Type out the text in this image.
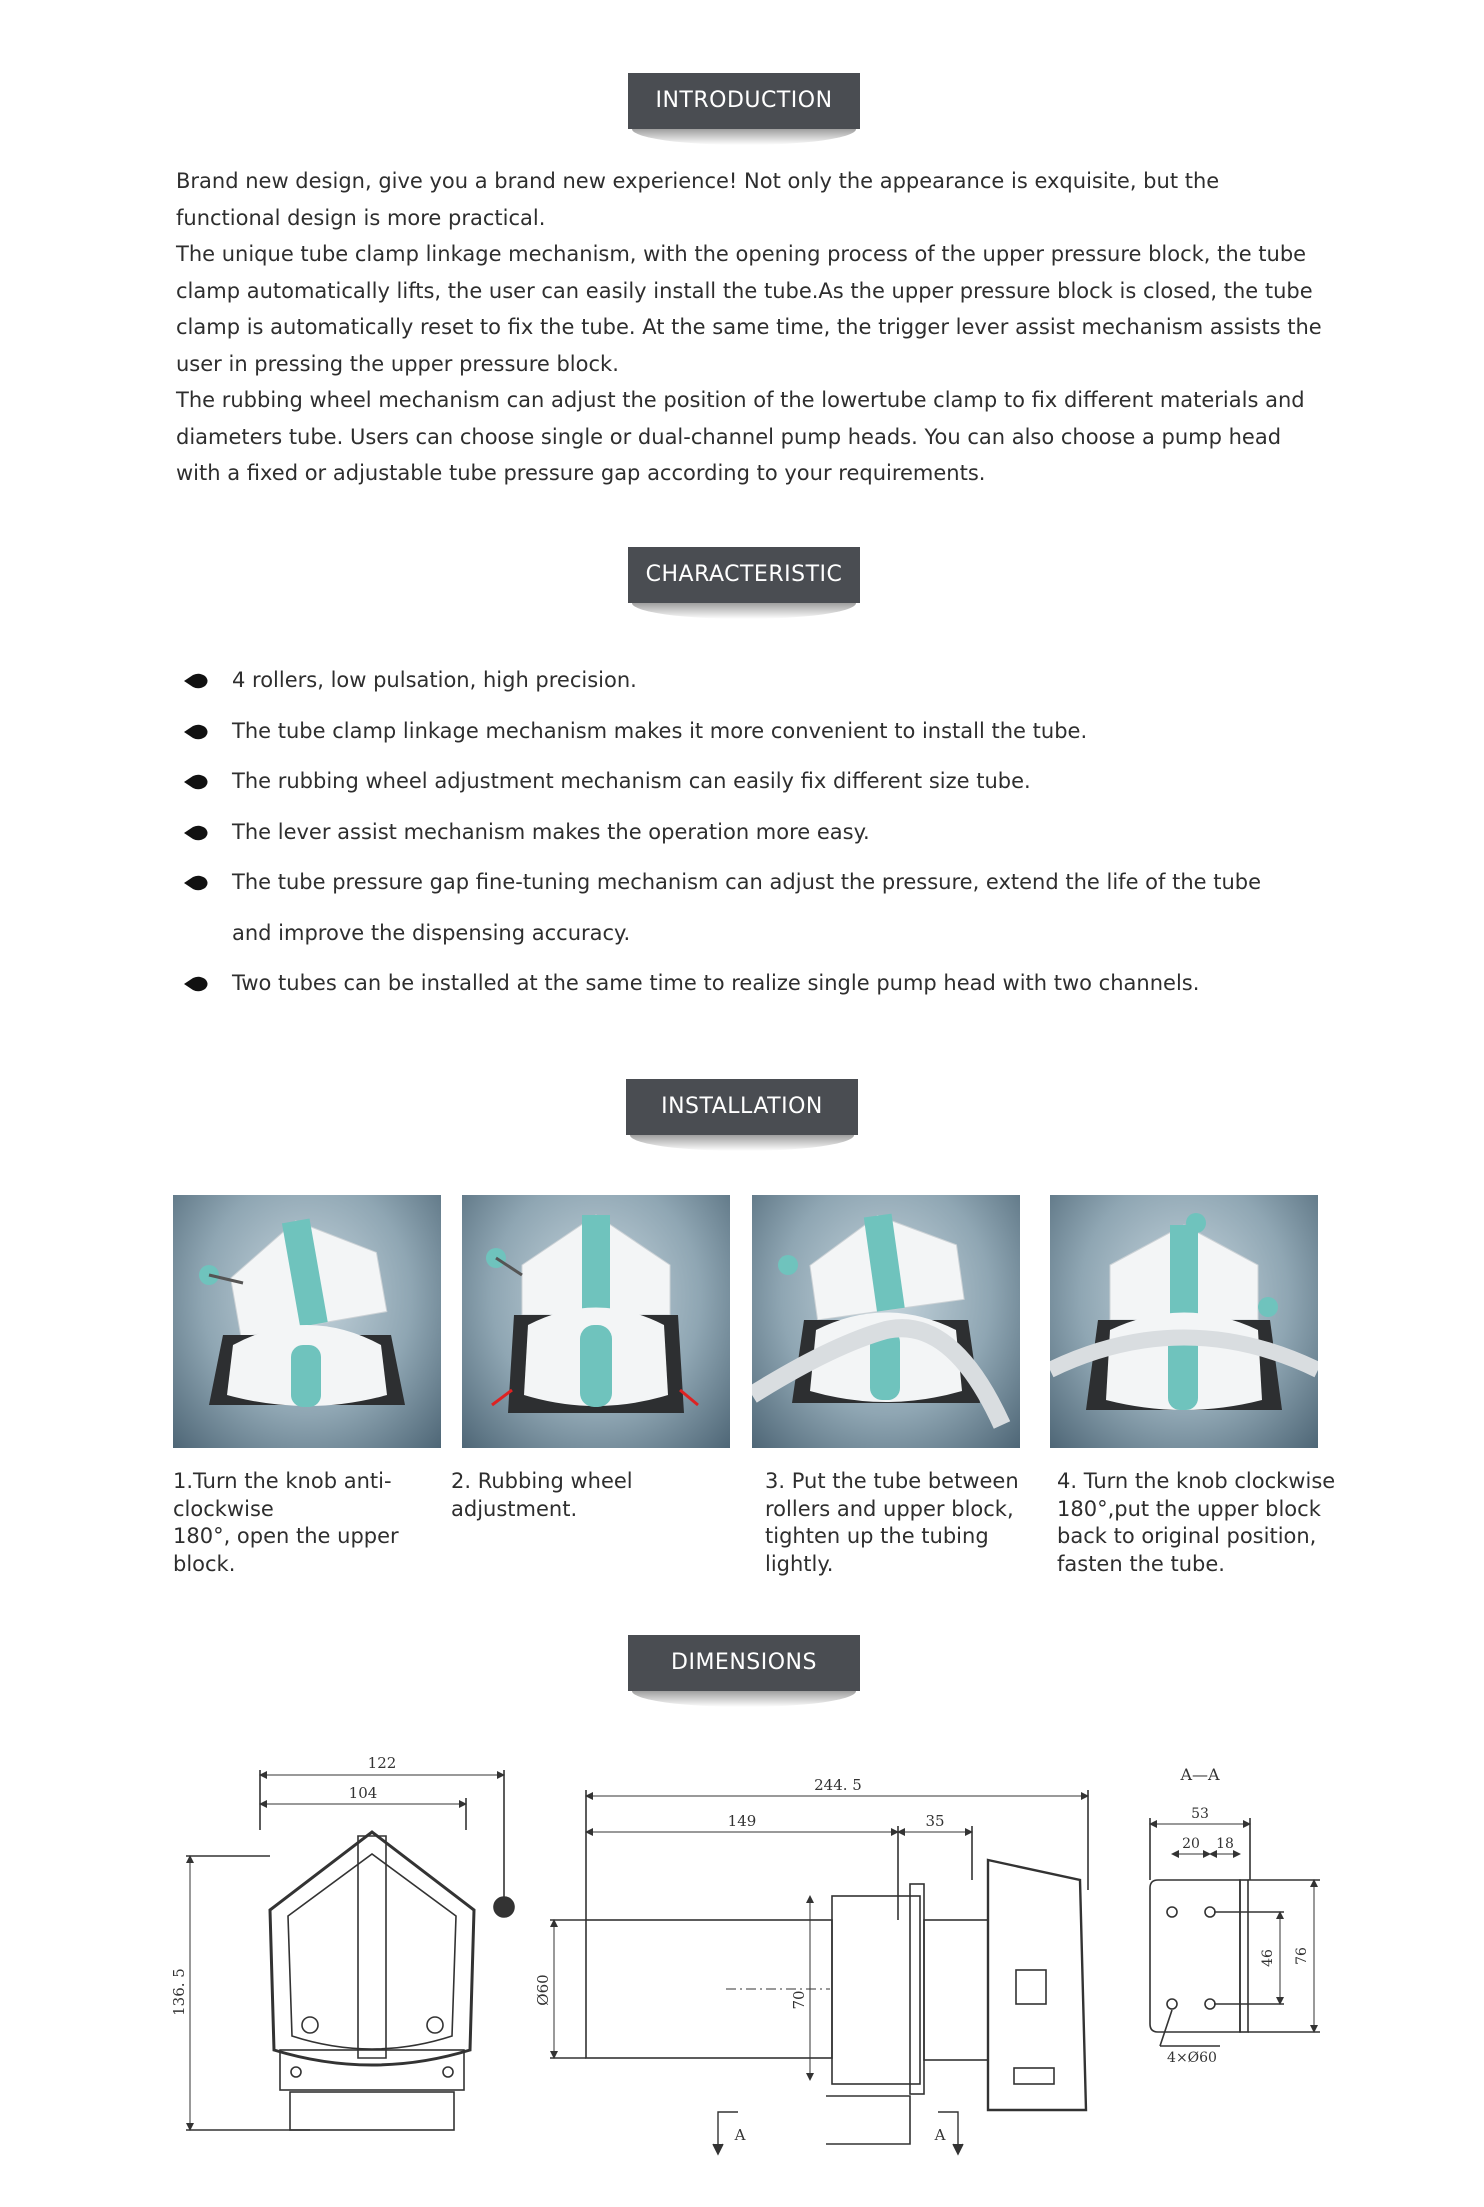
INTRODUCTION

Brand new design, give you a brand new experience! Not only the appearance is exquisite, but the functional design is more practical.

The unique tube clamp linkage mechanism, with the opening process of the upper pressure block, the tube clamp automatically lifts, the user can easily install the tube.As the upper pressure block is closed, the tube clamp is automatically reset to fix the tube. At the same time, the trigger lever assist mechanism assists the user in pressing the upper pressure block.

The rubbing wheel mechanism can adjust the position of the lowertube clamp to fix different materials and diameters tube. Users can choose single or dual-channel pump heads. You can also choose a pump head with a fixed or adjustable tube pressure gap according to your requirements.

CHARACTERISTIC
4 rollers, low pulsation, high precision.
The tube clamp linkage mechanism makes it more convenient to install the tube.
The rubbing wheel adjustment mechanism can easily fix different size tube.
The lever assist mechanism makes the operation more easy.
The tube pressure gap fine-tuning mechanism can adjust the pressure, extend the life of the tube and improve the dispensing accuracy.
Two tubes can be installed at the same time to realize single pump head with two channels.
INSTALLATION
1.Turn the knob anti-clockwise
180°, open the upper block.
2. Rubbing wheel adjustment.
3. Put the tube between rollers and upper block, tighten up the tubing lightly.
4. Turn the knob clockwise 180°,put the upper block back to original position, fasten the tube.
DIMENSIONS
122
104
136. 5
244. 5
149	35
Ø60	70
A	A
A—A
53
20 18
46 76
4×Ø60
